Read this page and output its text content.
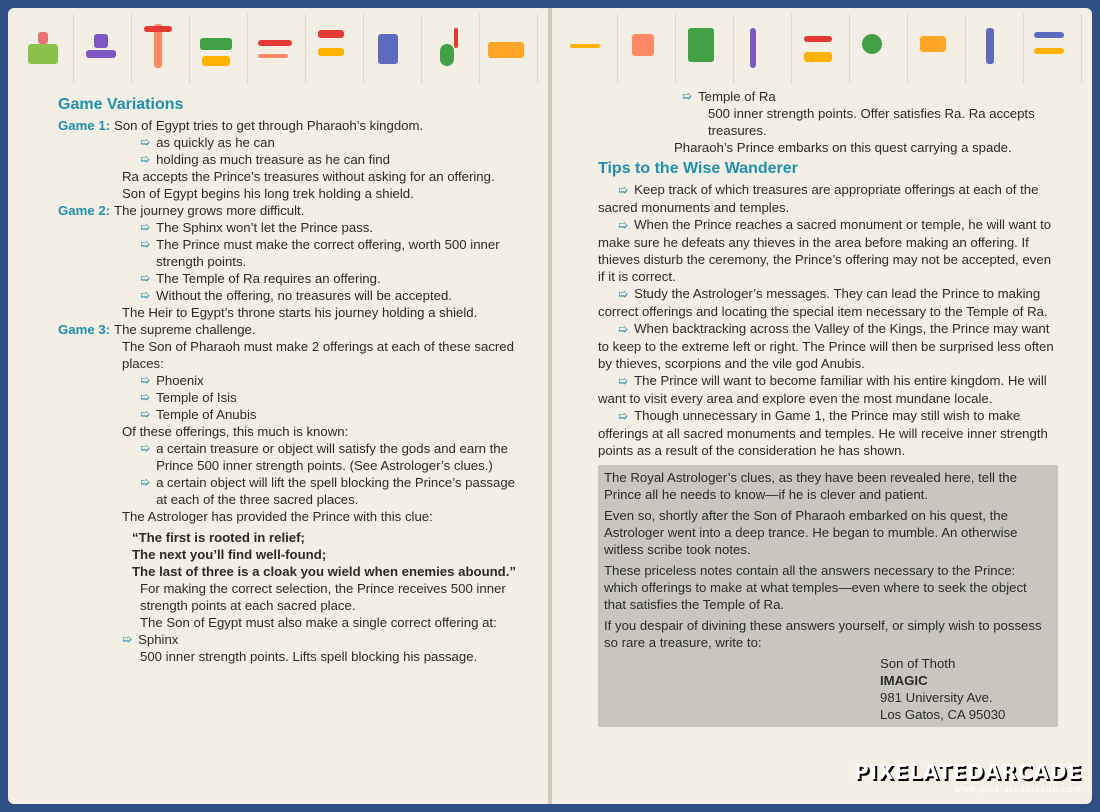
Game Variations
Game 1: Son of Egypt tries to get through Pharaoh’s kingdom.
➯ as quickly as he can
➯ holding as much treasure as he can find
Ra accepts the Prince’s treasures without asking for an offering.
Son of Egypt begins his long trek holding a shield.
Game 2: The journey grows more difficult.
➯ The Sphinx won’t let the Prince pass.
➯ The Prince must make the correct offering, worth 500 inner strength points.
➯ The Temple of Ra requires an offering.
➯ Without the offering, no treasures will be accepted.
The Heir to Egypt’s throne starts his journey holding a shield.
Game 3: The supreme challenge.
The Son of Pharaoh must make 2 offerings at each of these sacred places:
➯ Phoenix
➯ Temple of Isis
➯ Temple of Anubis
Of these offerings, this much is known:
➯ a certain treasure or object will satisfy the gods and earn the Prince 500 inner strength points. (See Astrologer’s clues.)
➯ a certain object will lift the spell blocking the Prince’s passage at each of the three sacred places.
The Astrologer has provided the Prince with this clue:
“The first is rooted in relief;
The next you’ll find well-found;
The last of three is a cloak you wield when enemies abound.”
For making the correct selection, the Prince receives 500 inner strength points at each sacred place.
The Son of Egypt must also make a single correct offering at:
➯ Sphinx
500 inner strength points. Lifts spell blocking his passage.
➯ Temple of Ra
500 inner strength points. Offer satisfies Ra. Ra accepts treasures.
Pharaoh’s Prince embarks on this quest carrying a spade.
Tips to the Wise Wanderer

➯ Keep track of which treasures are appropriate offerings at each of the sacred monuments and temples.

➯ When the Prince reaches a sacred monument or temple, he will want to make sure he defeats any thieves in the area before making an offering. If thieves disturb the ceremony, the Prince’s offering may not be accepted, even if it is correct.

➯ Study the Astrologer’s messages. They can lead the Prince to making correct offerings and locating the special item necessary to the Temple of Ra.

➯ When backtracking across the Valley of the Kings, the Prince may want to keep to the extreme left or right. The Prince will then be surprised less often by thieves, scorpions and the vile god Anubis.

➯ The Prince will want to become familiar with his entire kingdom. He will want to visit every area and explore even the most mundane locale.

➯ Though unnecessary in Game 1, the Prince may still wish to make offerings at all sacred monuments and temples. He will receive inner strength points as a result of the consideration he has shown.

The Royal Astrologer’s clues, as they have been revealed here, tell the Prince all he needs to know—if he is clever and patient.

Even so, shortly after the Son of Pharaoh embarked on his quest, the Astrologer went into a deep trance. He began to mumble. An otherwise witless scribe took notes.

These priceless notes contain all the answers necessary to the Prince: which offerings to make at what temples—even where to seek the object that satisfies the Temple of Ra.

If you despair of divining these answers yourself, or simply wish to possess so rare a treasure, write to:

Son of Thoth
IMAGIC
981 University Ave.
Los Gatos, CA 95030
PIXELATEDARCADE
www.pixelatedarcade.com
